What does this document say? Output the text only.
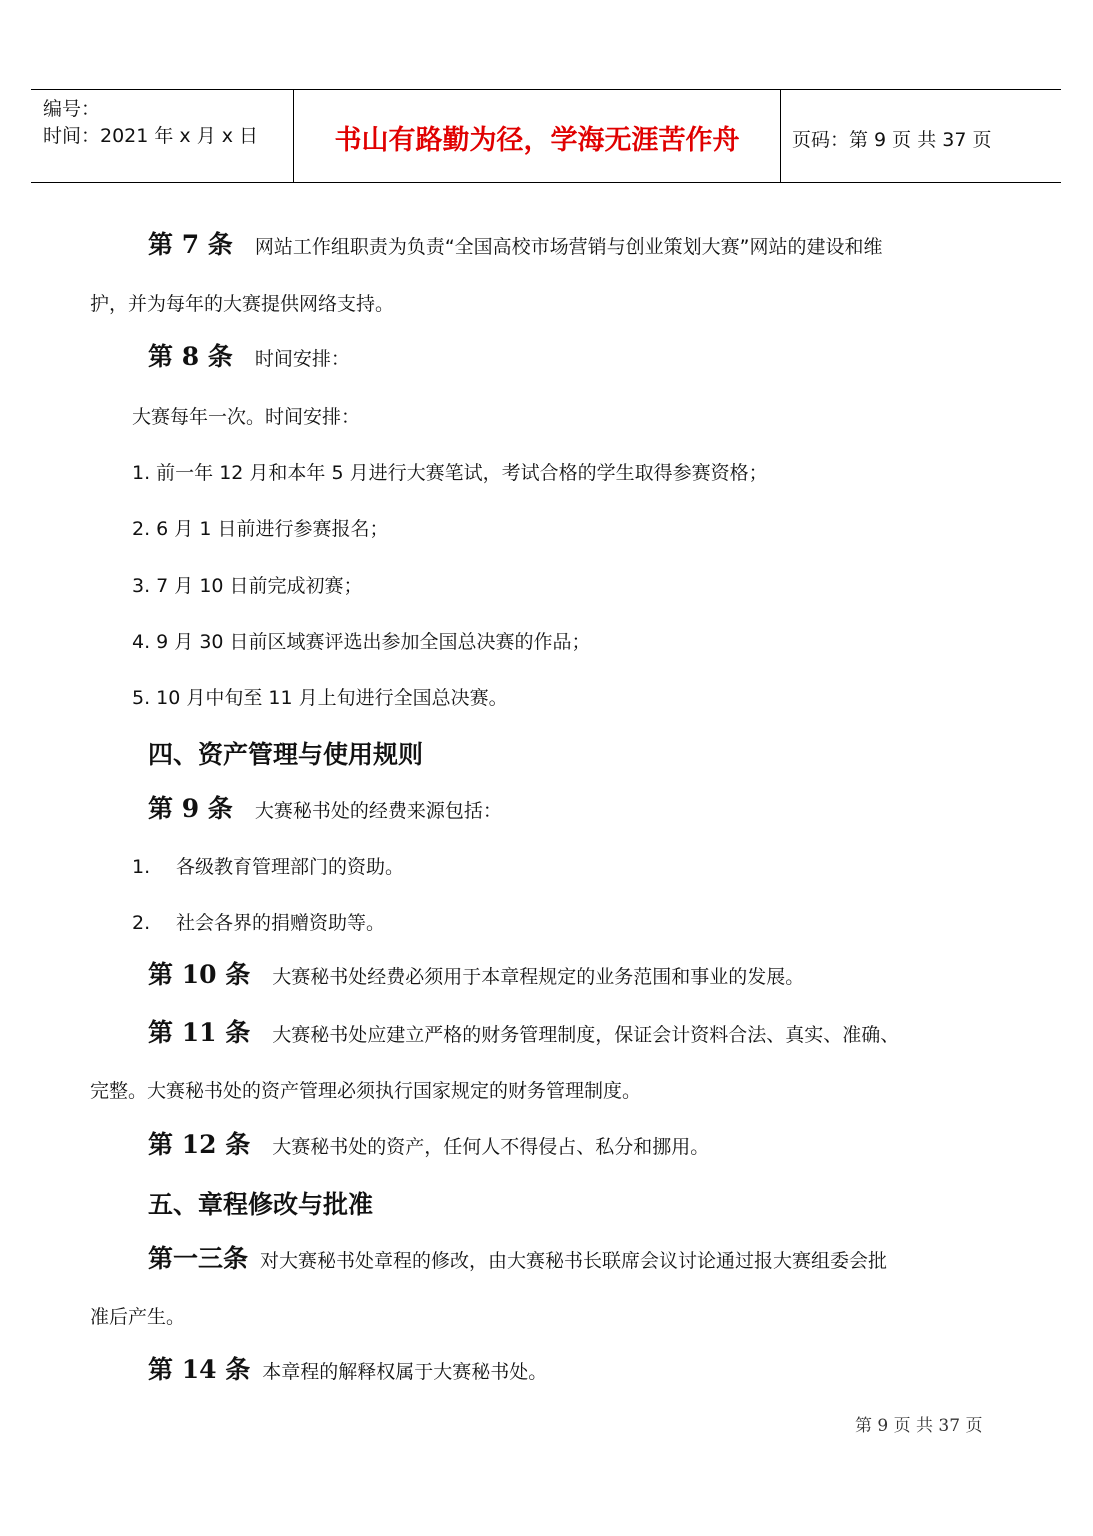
编号：
时间：2021 年 x 月 x 日	书山有路勤为径，学海无涯苦作舟	页码：第 9 页 共 37 页
第 7 条 网站工作组职责为负责“全国高校市场营销与创业策划大赛”网站的建设和维
护，并为每年的大赛提供网络支持。
第 8 条 时间安排：
大赛每年一次。时间安排：
1. 前一年 12 月和本年 5 月进行大赛笔试，考试合格的学生取得参赛资格；
2. 6 月 1 日前进行参赛报名；
3. 7 月 10 日前完成初赛；
4. 9 月 30 日前区域赛评选出参加全国总决赛的作品；
5. 10 月中旬至 11 月上旬进行全国总决赛。
四、资产管理与使用规则
第 9 条 大赛秘书处的经费来源包括：
1. 各级教育管理部门的资助。
2. 社会各界的捐赠资助等。
第 10 条 大赛秘书处经费必须用于本章程规定的业务范围和事业的发展。
第 11 条 大赛秘书处应建立严格的财务管理制度，保证会计资料合法、真实、准确、
完整。大赛秘书处的资产管理必须执行国家规定的财务管理制度。
第 12 条 大赛秘书处的资产，任何人不得侵占、私分和挪用。
五、章程修改与批准
第一三条 对大赛秘书处章程的修改，由大赛秘书长联席会议讨论通过报大赛组委会批
准后产生。
第 14 条 本章程的解释权属于大赛秘书处。
第 9 页 共 37 页
